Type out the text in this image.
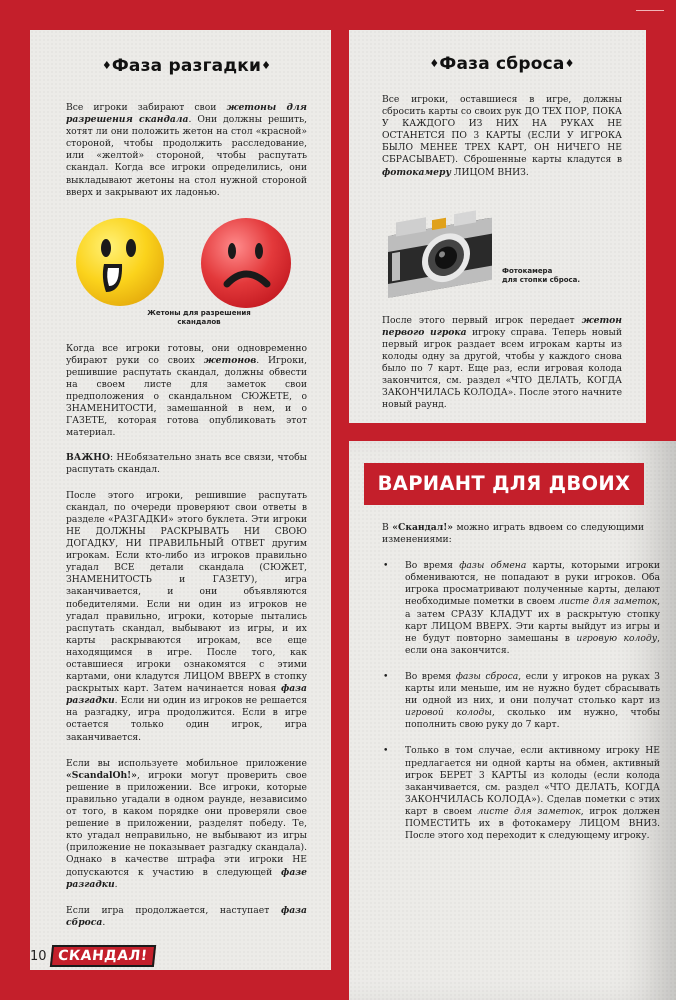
♦Фаза разгадки♦

Все игроки забирают свои жетоны для разрешения скандала. Они должны решить, хотят ли они положить жетон на стол «красной» стороной, чтобы продолжить расследование, или «желтой» стороной, чтобы распутать скандал. Когда все игроки определились, они выкладывают жетоны на стол нужной стороной вверх и закрывают их ладонью.

Жетоны для разрешения скандалов

Когда все игроки готовы, они одновременно убирают руки со своих жетонов. Игроки, решившие распутать скандал, должны обвести на своем листе для заметок свои предположения о скандальном СЮЖЕТЕ, о ЗНАМЕНИТОСТИ, замешанной в нем, и о ГАЗЕТЕ, которая готова опубликовать этот материал.

ВАЖНО: НЕобязательно знать все связи, чтобы распутать скандал.

После этого игроки, решившие распутать скандал, по очереди проверяют свои ответы в разделе «РАЗГАДКИ» этого буклета. Эти игроки НЕ ДОЛЖНЫ РАСКРЫВАТЬ НИ СВОЮ ДОГАДКУ, НИ ПРАВИЛЬНЫЙ ОТВЕТ другим игрокам. Если кто-либо из игроков правильно угадал ВСЕ детали скандала (СЮЖЕТ, ЗНАМЕНИТОСТЬ и ГАЗЕТУ), игра заканчивается, и они объявляются победителями. Если ни один из игроков не угадал правильно, игроки, которые пытались распутать скандал, выбывают из игры, и их карты раскрываются игрокам, все еще находящимся в игре. После того, как оставшиеся игроки ознакомятся с этими картами, они кладутся ЛИЦОМ ВВЕРХ в стопку раскрытых карт. Затем начинается новая фаза разгадки. Если ни один из игроков не решается на разгадку, игра продолжится. Если в игре остается только один игрок, игра заканчивается.

Если вы используете мобильное приложение «ScandalOh!», игроки могут проверить свое решение в приложении. Все игроки, которые правильно угадали в одном раунде, независимо от того, в каком порядке они проверяли свое решение в приложении, разделят победу. Те, кто угадал неправильно, не выбывают из игры (приложение не показывает разгадку скандала). Однако в качестве штрафа эти игроки НЕ допускаются к участию в следующей фазе разгадки.

Если игра продолжается, наступает фаза сброса.

♦Фаза сброса♦

Все игроки, оставшиеся в игре, должны сбросить карты со своих рук ДО ТЕХ ПОР, ПОКА У КАЖДОГО ИЗ НИХ НА РУКАХ НЕ ОСТАНЕТСЯ ПО 3 КАРТЫ (ЕСЛИ У ИГРОКА БЫЛО МЕНЕЕ ТРЕХ КАРТ, ОН НИЧЕГО НЕ СБРАСЫВАЕТ). Сброшенные карты кладутся в фотокамеру ЛИЦОМ ВНИЗ.

Фотокамера
для стопки сброса.

После этого первый игрок передает жетон первого игрока игроку справа. Теперь новый первый игрок раздает всем игрокам карты из колоды одну за другой, чтобы у каждого снова было по 7 карт. Еще раз, если игровая колода закончится, см. раздел «ЧТО ДЕЛАТЬ, КОГДА ЗАКОНЧИЛАСЬ КОЛОДА». После этого начните новый раунд.

ВАРИАНТ ДЛЯ ДВОИХ

В «Скандал!» можно играть вдвоем со следующими изменениями:

• Во время фазы обмена карты, которыми игроки обмениваются, не попадают в руки игроков. Оба игрока просматривают полученные карты, делают необходимые пометки в своем листе для заметок, а затем СРАЗУ КЛАДУТ их в раскрытую стопку карт ЛИЦОМ ВВЕРХ. Эти карты выйдут из игры и не будут повторно замешаны в игровую колоду, если она закончится.
• Во время фазы сброса, если у игроков на руках 3 карты или меньше, им не нужно будет сбрасывать ни одной из них, и они получат столько карт из игровой колоды, сколько им нужно, чтобы пополнить свою руку до 7 карт.
• Только в том случае, если активному игроку НЕ предлагается ни одной карты на обмен, активный игрок БЕРЕТ 3 КАРТЫ из колоды (если колода заканчивается, см. раздел «ЧТО ДЕЛАТЬ, КОГДА ЗАКОНЧИЛАСЬ КОЛОДА»). Сделав пометки с этих карт в своем листе для заметок, игрок должен ПОМЕСТИТЬ их в фотокамеру ЛИЦОМ ВНИЗ. После этого ход переходит к следующему игроку.
10 СКАНДАЛ!
